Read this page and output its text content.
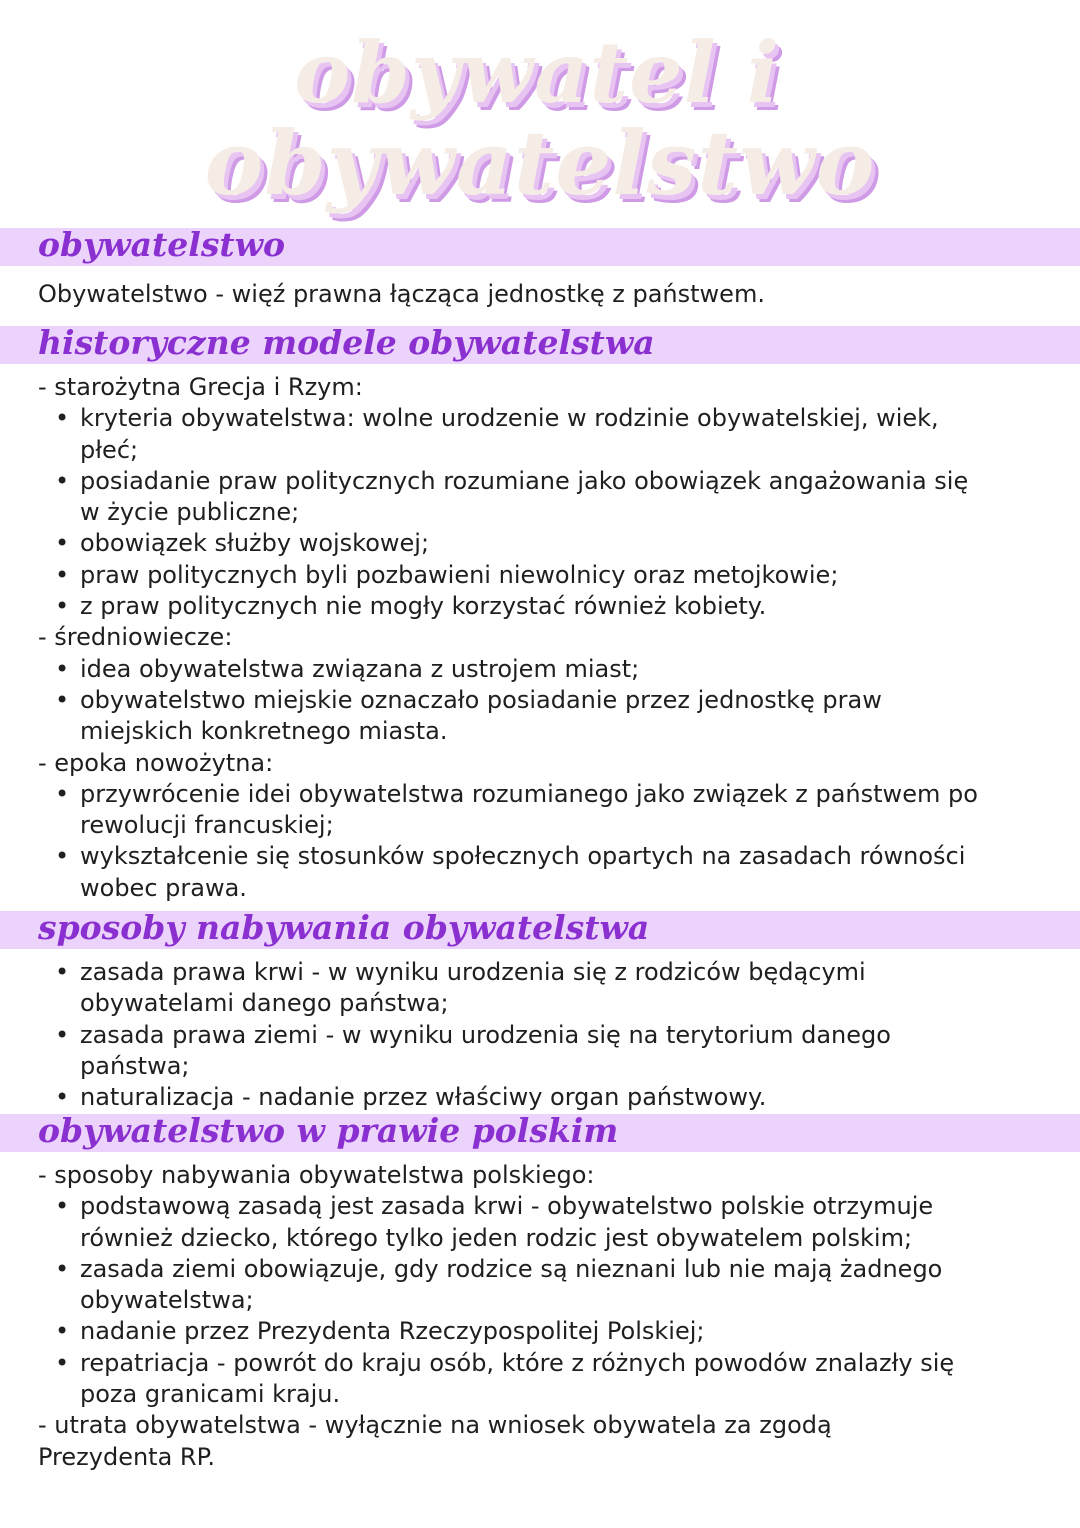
obywatel i
obywatelstwo
obywatelstwo
Obywatelstwo - więź prawna łącząca jednostkę z państwem.
historyczne modele obywatelstwa
- starożytna Grecja i Rzym:
• kryteria obywatelstwa: wolne urodzenie w rodzinie obywatelskiej, wiek, płeć;
• posiadanie praw politycznych rozumiane jako obowiązek angażowania się w życie publiczne;
• obowiązek służby wojskowej;
• praw politycznych byli pozbawieni niewolnicy oraz metojkowie;
• z praw politycznych nie mogły korzystać również kobiety.
- średniowiecze:
• idea obywatelstwa związana z ustrojem miast;
• obywatelstwo miejskie oznaczało posiadanie przez jednostkę praw miejskich konkretnego miasta.
- epoka nowożytna:
• przywrócenie idei obywatelstwa rozumianego jako związek z państwem po rewolucji francuskiej;
• wykształcenie się stosunków społecznych opartych na zasadach równości wobec prawa.
sposoby nabywania obywatelstwa
• zasada prawa krwi - w wyniku urodzenia się z rodziców będącymi obywatelami danego państwa;
• zasada prawa ziemi - w wyniku urodzenia się na terytorium danego państwa;
• naturalizacja - nadanie przez właściwy organ państwowy.
obywatelstwo w prawie polskim
- sposoby nabywania obywatelstwa polskiego:
• podstawową zasadą jest zasada krwi - obywatelstwo polskie otrzymuje również dziecko, którego tylko jeden rodzic jest obywatelem polskim;
• zasada ziemi obowiązuje, gdy rodzice są nieznani lub nie mają żadnego obywatelstwa;
• nadanie przez Prezydenta Rzeczypospolitej Polskiej;
• repatriacja - powrót do kraju osób, które z różnych powodów znalazły się poza granicami kraju.
- utrata obywatelstwa - wyłącznie na wniosek obywatela za zgodą Prezydenta RP.
